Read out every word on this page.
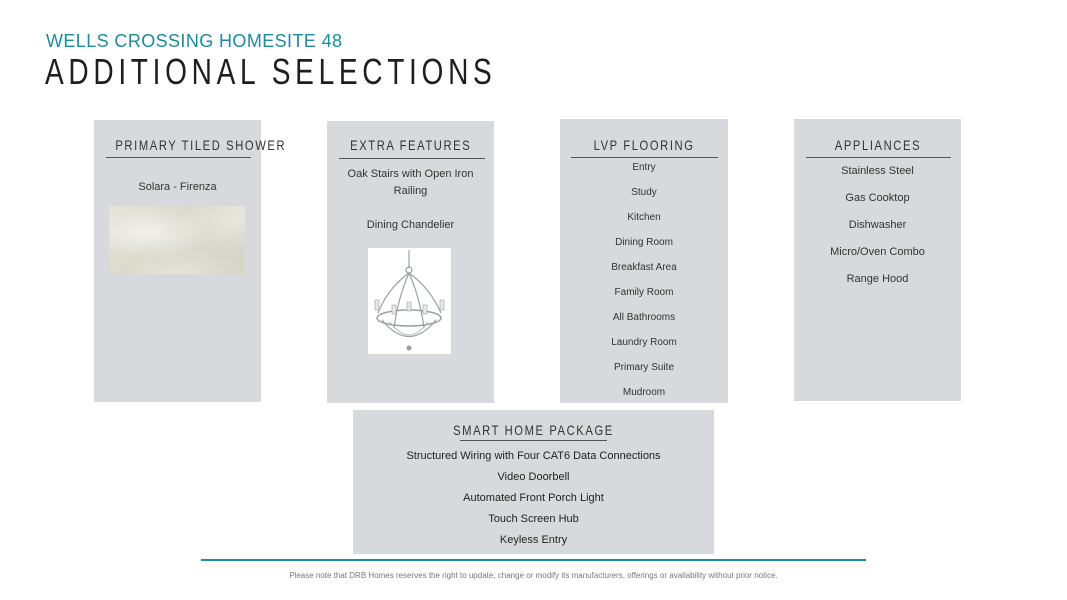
WELLS CROSSING HOMESITE 48
ADDITIONAL SELECTIONS
PRIMARY TILED SHOWER
Solara - Firenza
EXTRA FEATURES
Oak Stairs with Open Iron
Railing
Dining Chandelier
LVP FLOORING
Entry
Study
Kitchen
Dining Room
Breakfast Area
Family Room
All Bathrooms
Laundry Room
Primary Suite
Mudroom
APPLIANCES
Stainless Steel
Gas Cooktop
Dishwasher
Micro/Oven Combo
Range Hood
SMART HOME PACKAGE
Structured Wiring with Four CAT6 Data Connections
Video Doorbell
Automated Front Porch Light
Touch Screen Hub
Keyless Entry
Please note that DRB Homes reserves the right to update, change or modify its manufacturers, offerings or availability without prior notice.
